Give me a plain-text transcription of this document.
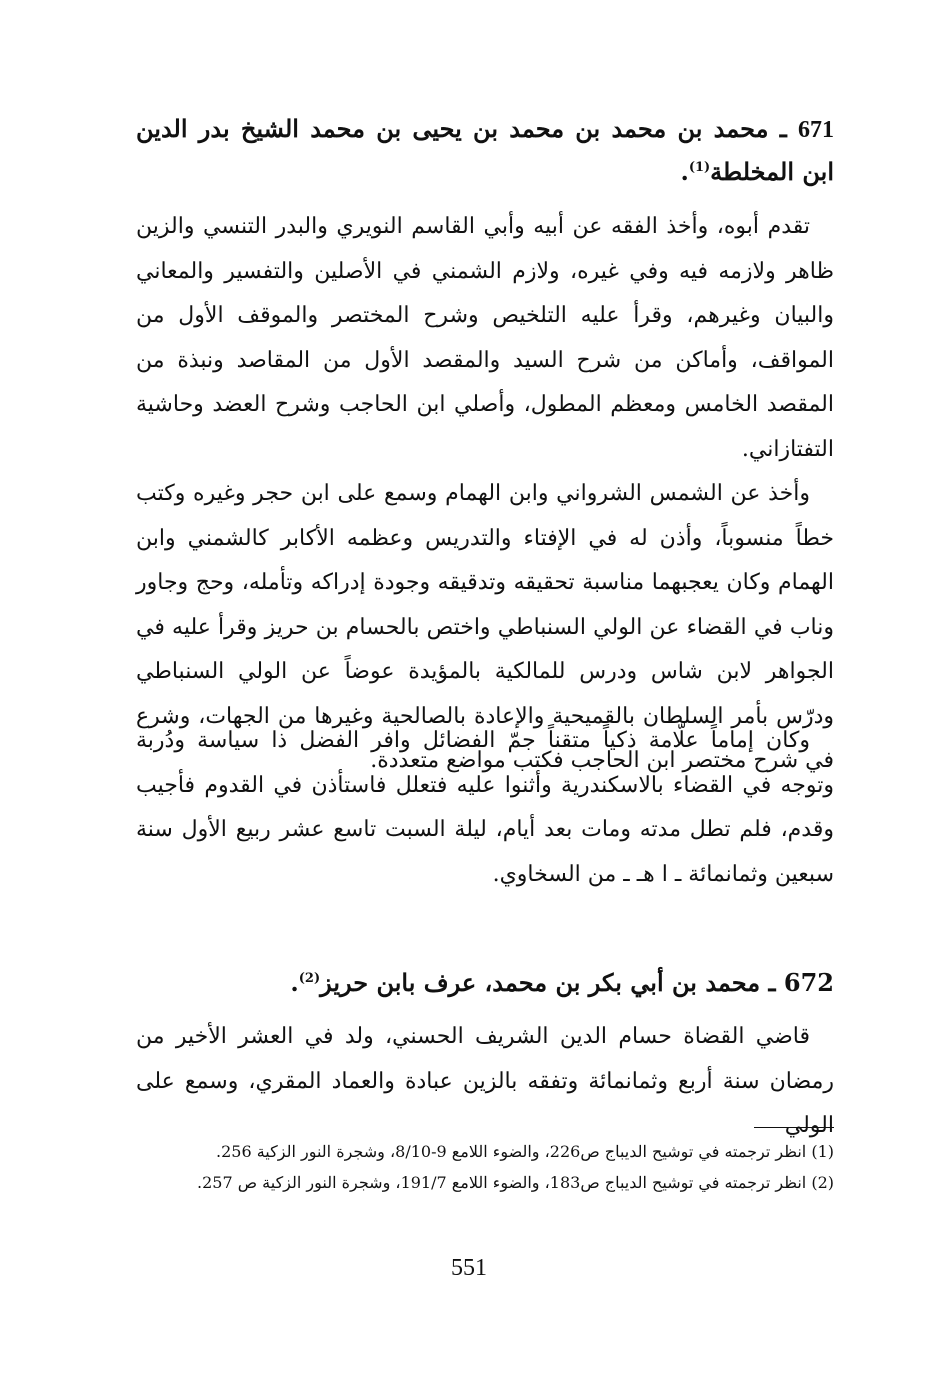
671 ـ محمد بن محمد بن محمد بن يحيى بن محمد الشيخ بدر الدين ابن المخلطة$^{(1)}$.

تقدم أبوه، وأخذ الفقه عن أبيه وأبي القاسم النويري والبدر التنسي والزين ظاهر ولازمه فيه وفي غيره، ولازم الشمني في الأصلين والتفسير والمعاني والبيان وغيرهم، وقرأ عليه التلخيص وشرح المختصر والموقف الأول من المواقف، وأماكن من شرح السيد والمقصد الأول من المقاصد ونبذة من المقصد الخامس ومعظم المطول، وأصلي ابن الحاجب وشرح العضد وحاشية التفتازاني.

وأخذ عن الشمس الشرواني وابن الهمام وسمع على ابن حجر وغيره وكتب خطاً منسوباً، وأذن له في الإفتاء والتدريس وعظمه الأكابر كالشمني وابن الهمام وكان يعجبهما مناسبة تحقيقه وتدقيقه وجودة إدراكه وتأمله، وحج وجاور وناب في القضاء عن الولي السنباطي واختص بالحسام بن حريز وقرأ عليه في الجواهر لابن شاس ودرس للمالكية بالمؤيدة عوضاً عن الولي السنباطي ودرّس بأمر السلطان بالقميحية والإعادة بالصالحية وغيرها من الجهات، وشرع في شرح مختصر ابن الحاجب فكتب مواضع متعددة.

وكان إماماً علّامة ذكياً متقناً جمّ الفضائل وافر الفضل ذا سياسة ودُربة وتوجه في القضاء بالاسكندرية وأثنوا عليه فتعلل فاستأذن في القدوم فأجيب وقدم، فلم تطل مدته ومات بعد أيام، ليلة السبت تاسع عشر ربيع الأول سنة سبعين وثمانمائة ـ ا هـ ـ من السخاوي.

672 ـ محمد بن أبي بكر بن محمد، عرف بابن حريز$^{(2)}$.

قاضي القضاة حسام الدين الشريف الحسني، ولد في العشر الأخير من رمضان سنة أربع وثمانمائة وتفقه بالزين عبادة والعماد المقري، وسمع على الولي

(1) انظر ترجمته في توشيح الديباج ص226، والضوء اللامع 9-8/10، وشجرة النور الزكية 256.

(2) انظر ترجمته في توشيح الديباج ص183، والضوء اللامع 191/7، وشجرة النور الزكية ص 257.

551
